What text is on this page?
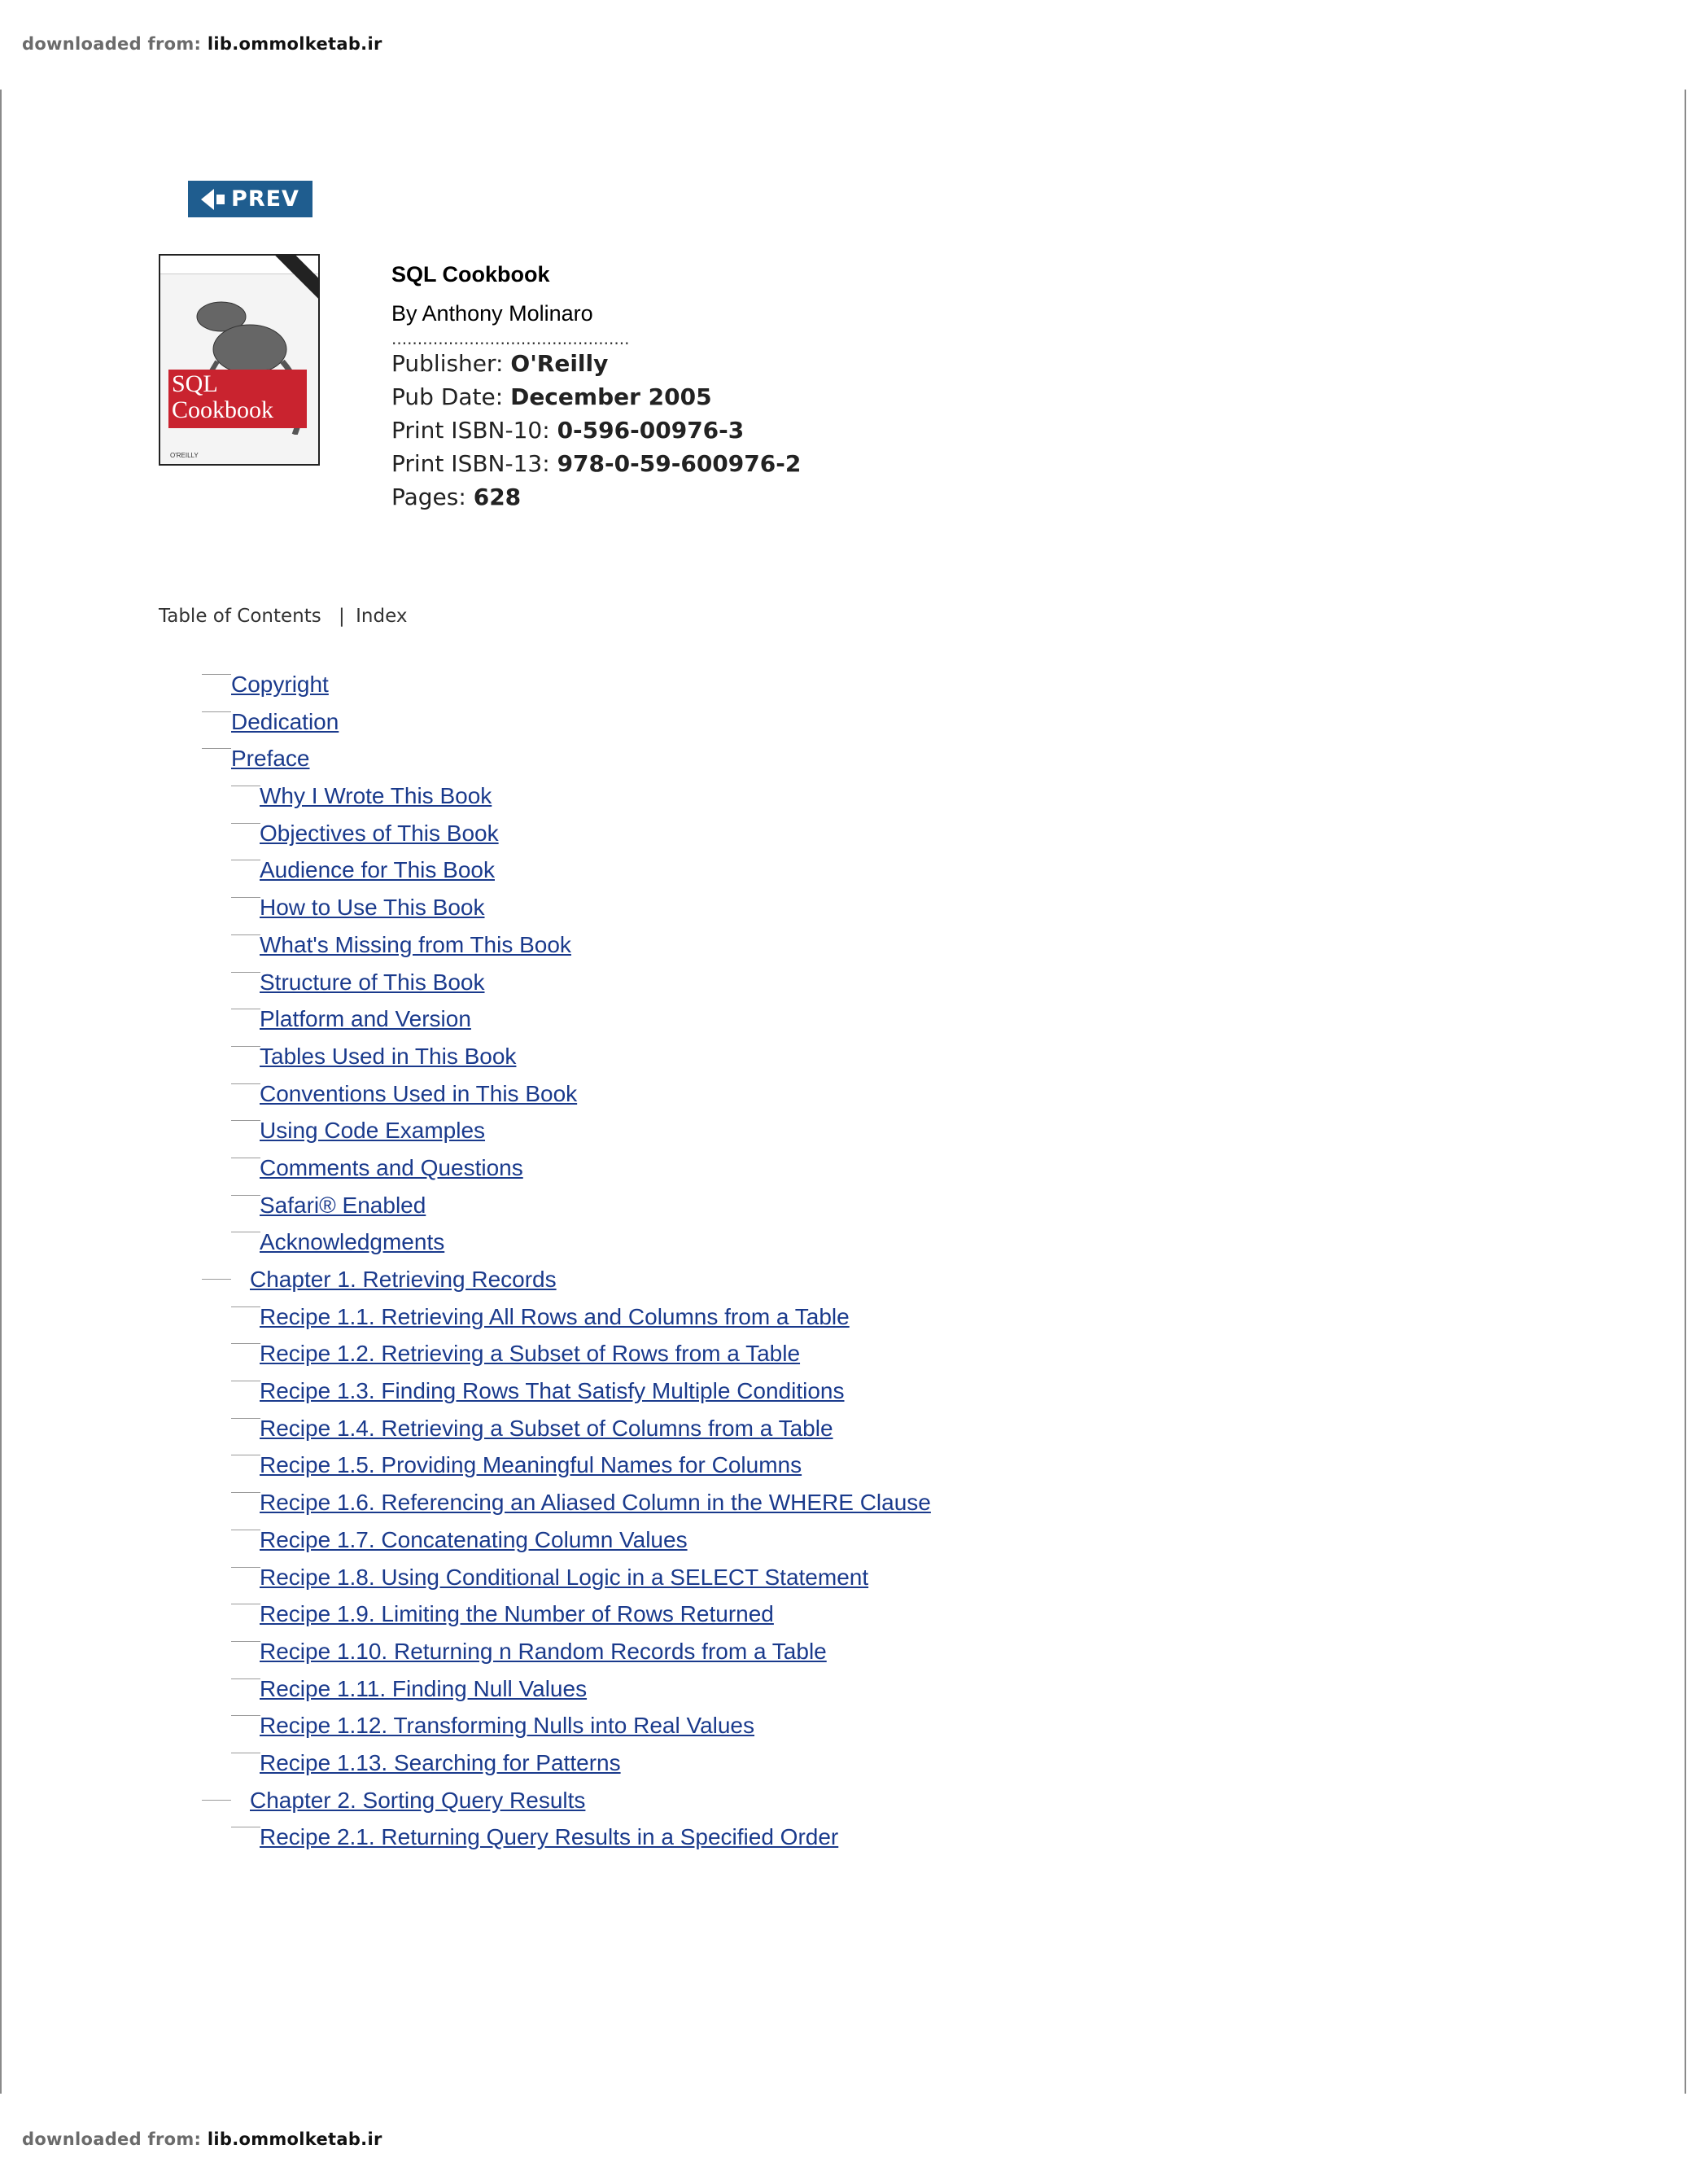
downloaded from: lib.ommolketab.ir
PREV
SQL
Cookbook
O'REILLY
SQL Cookbook
By Anthony Molinaro
..............................................
Publisher: O'Reilly
Pub Date: December 2005
Print ISBN-10: 0-596-00976-3
Print ISBN-13: 978-0-59-600976-2
Pages: 628
Table of Contents | Index
Copyright
Dedication
Preface
Why I Wrote This Book
Objectives of This Book
Audience for This Book
How to Use This Book
What's Missing from This Book
Structure of This Book
Platform and Version
Tables Used in This Book
Conventions Used in This Book
Using Code Examples
Comments and Questions
Safari® Enabled
Acknowledgments
Chapter 1. Retrieving Records
Recipe 1.1. Retrieving All Rows and Columns from a Table
Recipe 1.2. Retrieving a Subset of Rows from a Table
Recipe 1.3. Finding Rows That Satisfy Multiple Conditions
Recipe 1.4. Retrieving a Subset of Columns from a Table
Recipe 1.5. Providing Meaningful Names for Columns
Recipe 1.6. Referencing an Aliased Column in the WHERE Clause
Recipe 1.7. Concatenating Column Values
Recipe 1.8. Using Conditional Logic in a SELECT Statement
Recipe 1.9. Limiting the Number of Rows Returned
Recipe 1.10. Returning n Random Records from a Table
Recipe 1.11. Finding Null Values
Recipe 1.12. Transforming Nulls into Real Values
Recipe 1.13. Searching for Patterns
Chapter 2. Sorting Query Results
Recipe 2.1. Returning Query Results in a Specified Order
downloaded from: lib.ommolketab.ir
